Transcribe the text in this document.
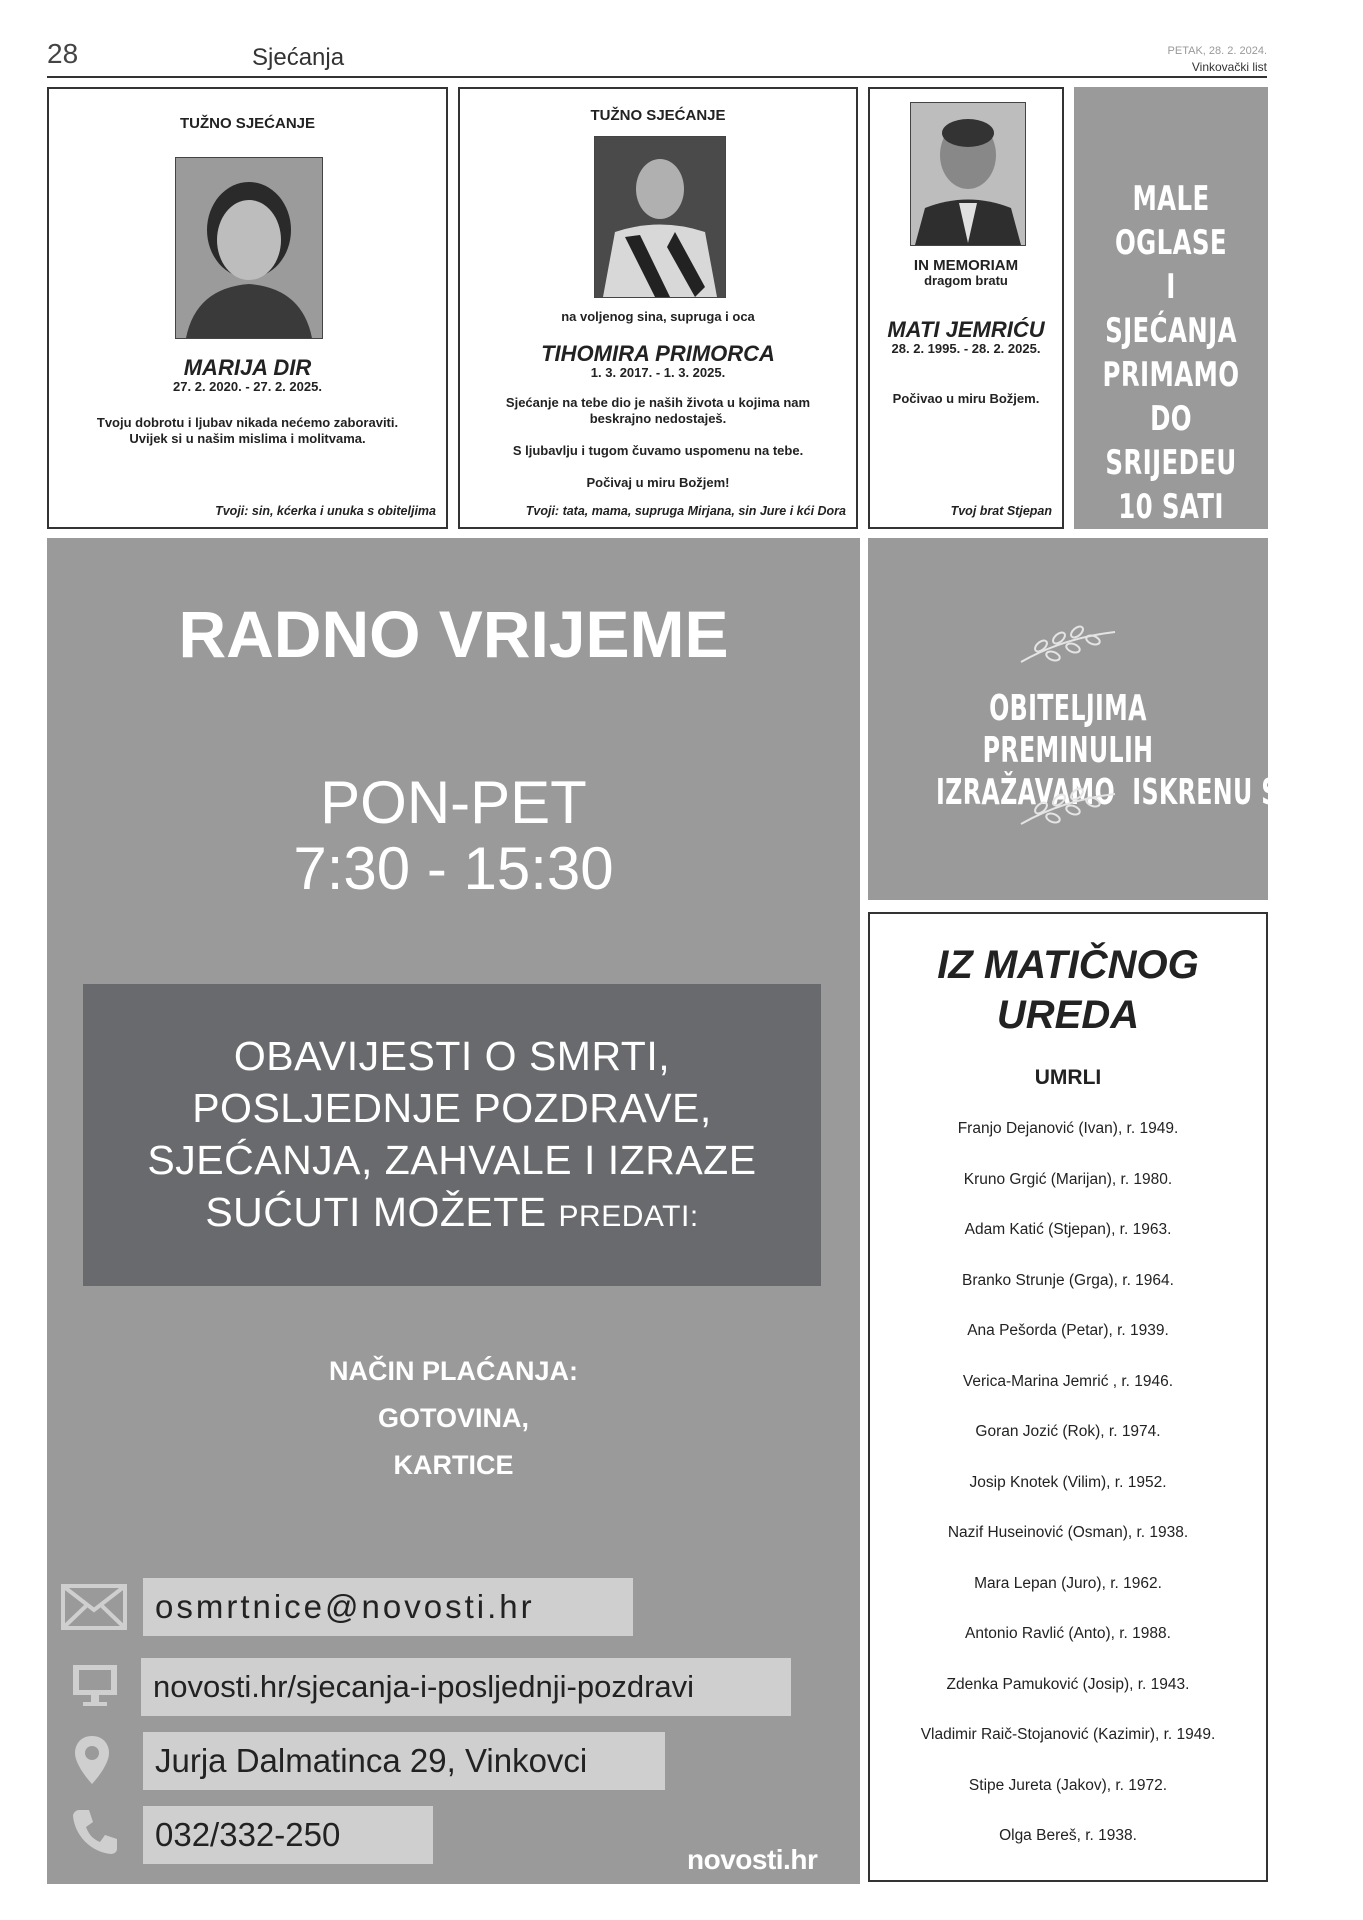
28	Sjećanja	PETAK, 28. 2. 2024.
Vinkovački list
TUŽNO SJEĆANJE
MARIJA DIR
27. 2. 2020. - 27. 2. 2025.
Tvoju dobrotu i ljubav nikada nećemo zaboraviti.
Uvijek si u našim mislima i molitvama.
Tvoji: sin, kćerka i unuka s obiteljima
TUŽNO SJEĆANJE
na voljenog sina, supruga i oca
TIHOMIRA PRIMORCA
1. 3. 2017. - 1. 3. 2025.
Sjećanje na tebe dio je naših života u kojima nam
beskrajno nedostaješ.
S ljubavlju i tugom čuvamo uspomenu na tebe.
Počivaj u miru Božjem!
Tvoji: tata, mama, supruga Mirjana, sin Jure i kći Dora
IN MEMORIAM
dragom bratu
MATI JEMRIĆU
28. 2. 1995. - 28. 2. 2025.
Počivao u miru Božjem.
Tvoj brat Stjepan
MALE
OGLASE
I SJEĆANJA
PRIMAMO
DO SRIJEDEU
10 SATI
RADNO VRIJEME
PON-PET
7:30 - 15:30
OBAVIJESTI O SMRTI,
POSLJEDNJE POZDRAVE,
SJEĆANJA, ZAHVALE I IZRAZE
SUĆUTI MOŽETE PREDATI:
NAČIN PLAĆANJA:
GOTOVINA,
KARTICE
osmrtnice@novosti.hr
novosti.hr/sjecanja-i-posljednji-pozdravi
Jurja Dalmatinca 29, Vinkovci
032/332-250
novosti.hr
OBITELJIMA PREMINULIH
IZRAŽAVAMO  ISKRENU SUĆUT!
IZ MATIČNOG
UREDA
UMRLI
Franjo Dejanović (Ivan), r. 1949.
Kruno Grgić (Marijan), r. 1980.
Adam Katić (Stjepan), r. 1963.
Branko Strunje (Grga), r. 1964.
Ana Pešorda (Petar), r. 1939.
Verica-Marina Jemrić , r. 1946.
Goran Jozić (Rok), r. 1974.
Josip Knotek (Vilim), r. 1952.
Nazif Huseinović (Osman), r. 1938.
Mara Lepan (Juro), r. 1962.
Antonio Ravlić (Anto), r. 1988.
Zdenka Pamuković (Josip), r. 1943.
Vladimir Raič-Stojanović (Kazimir), r. 1949.
Stipe Jureta (Jakov), r. 1972.
Olga Bereš, r. 1938.
